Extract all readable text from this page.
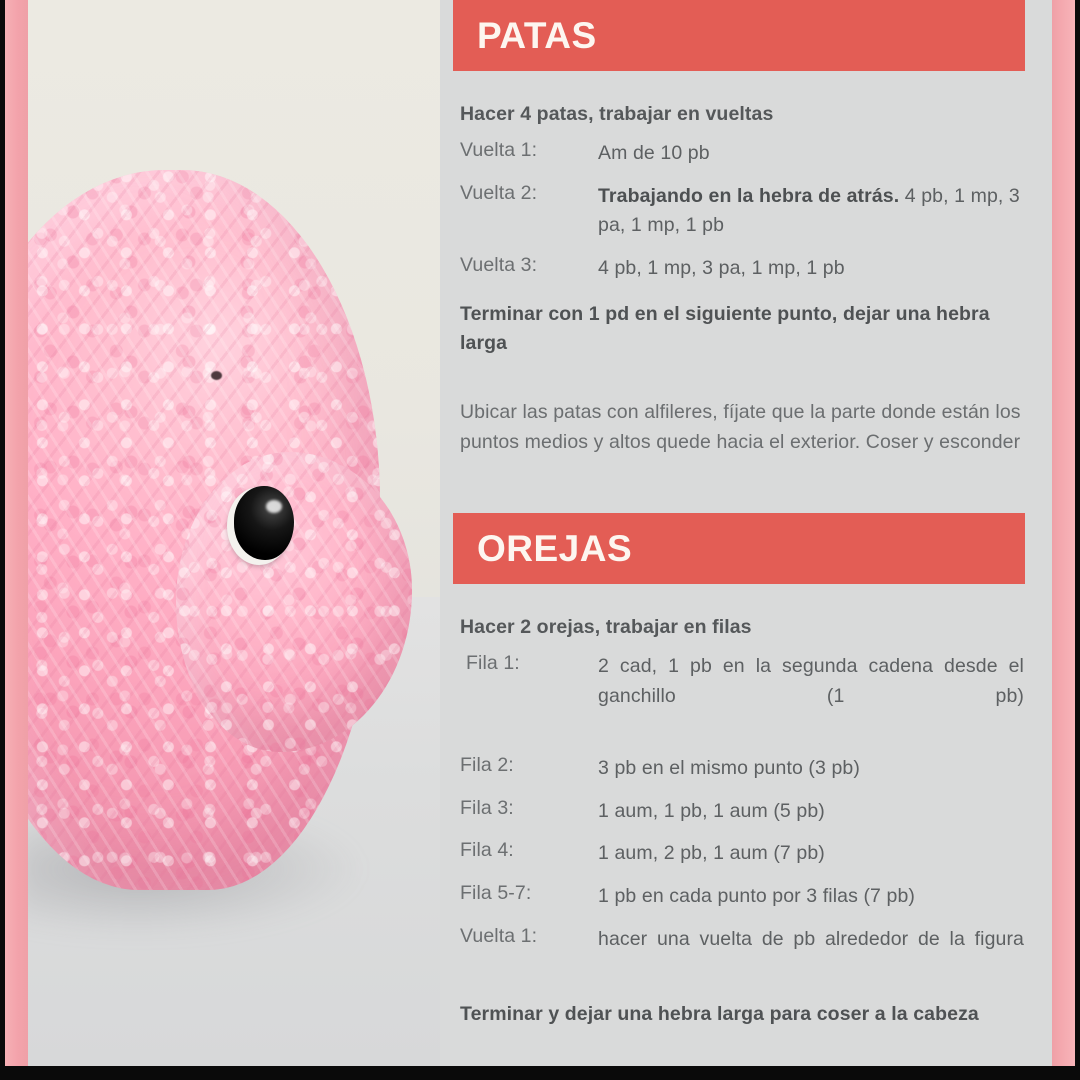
PATAS
Hacer 4 patas, trabajar en vueltas
Vuelta 1:	Am de 10 pb
Vuelta 2:	Trabajando en la hebra de atrás. 4 pb, 1 mp, 3 pa, 1 mp, 1 pb
Vuelta 3:	4 pb, 1 mp, 3 pa, 1 mp, 1 pb
Terminar con 1 pd en el siguiente punto, dejar una hebra larga
Ubicar las patas con alfileres, fíjate que la parte donde están los puntos medios y altos quede hacia el exterior. Coser y esconder
OREJAS
Hacer 2 orejas, trabajar en filas
Fila 1:	2 cad, 1 pb en la segunda cadena desde el ganchillo (1 pb)
Fila 2:	3 pb en el mismo punto (3 pb)
Fila 3:	1 aum, 1 pb, 1 aum (5 pb)
Fila 4:	1 aum, 2 pb, 1 aum (7 pb)
Fila 5-7:	1 pb en cada punto por 3 filas (7 pb)
Vuelta 1:	hacer una vuelta de pb alrededor de la figura
Terminar y dejar una hebra larga para coser a la cabeza
